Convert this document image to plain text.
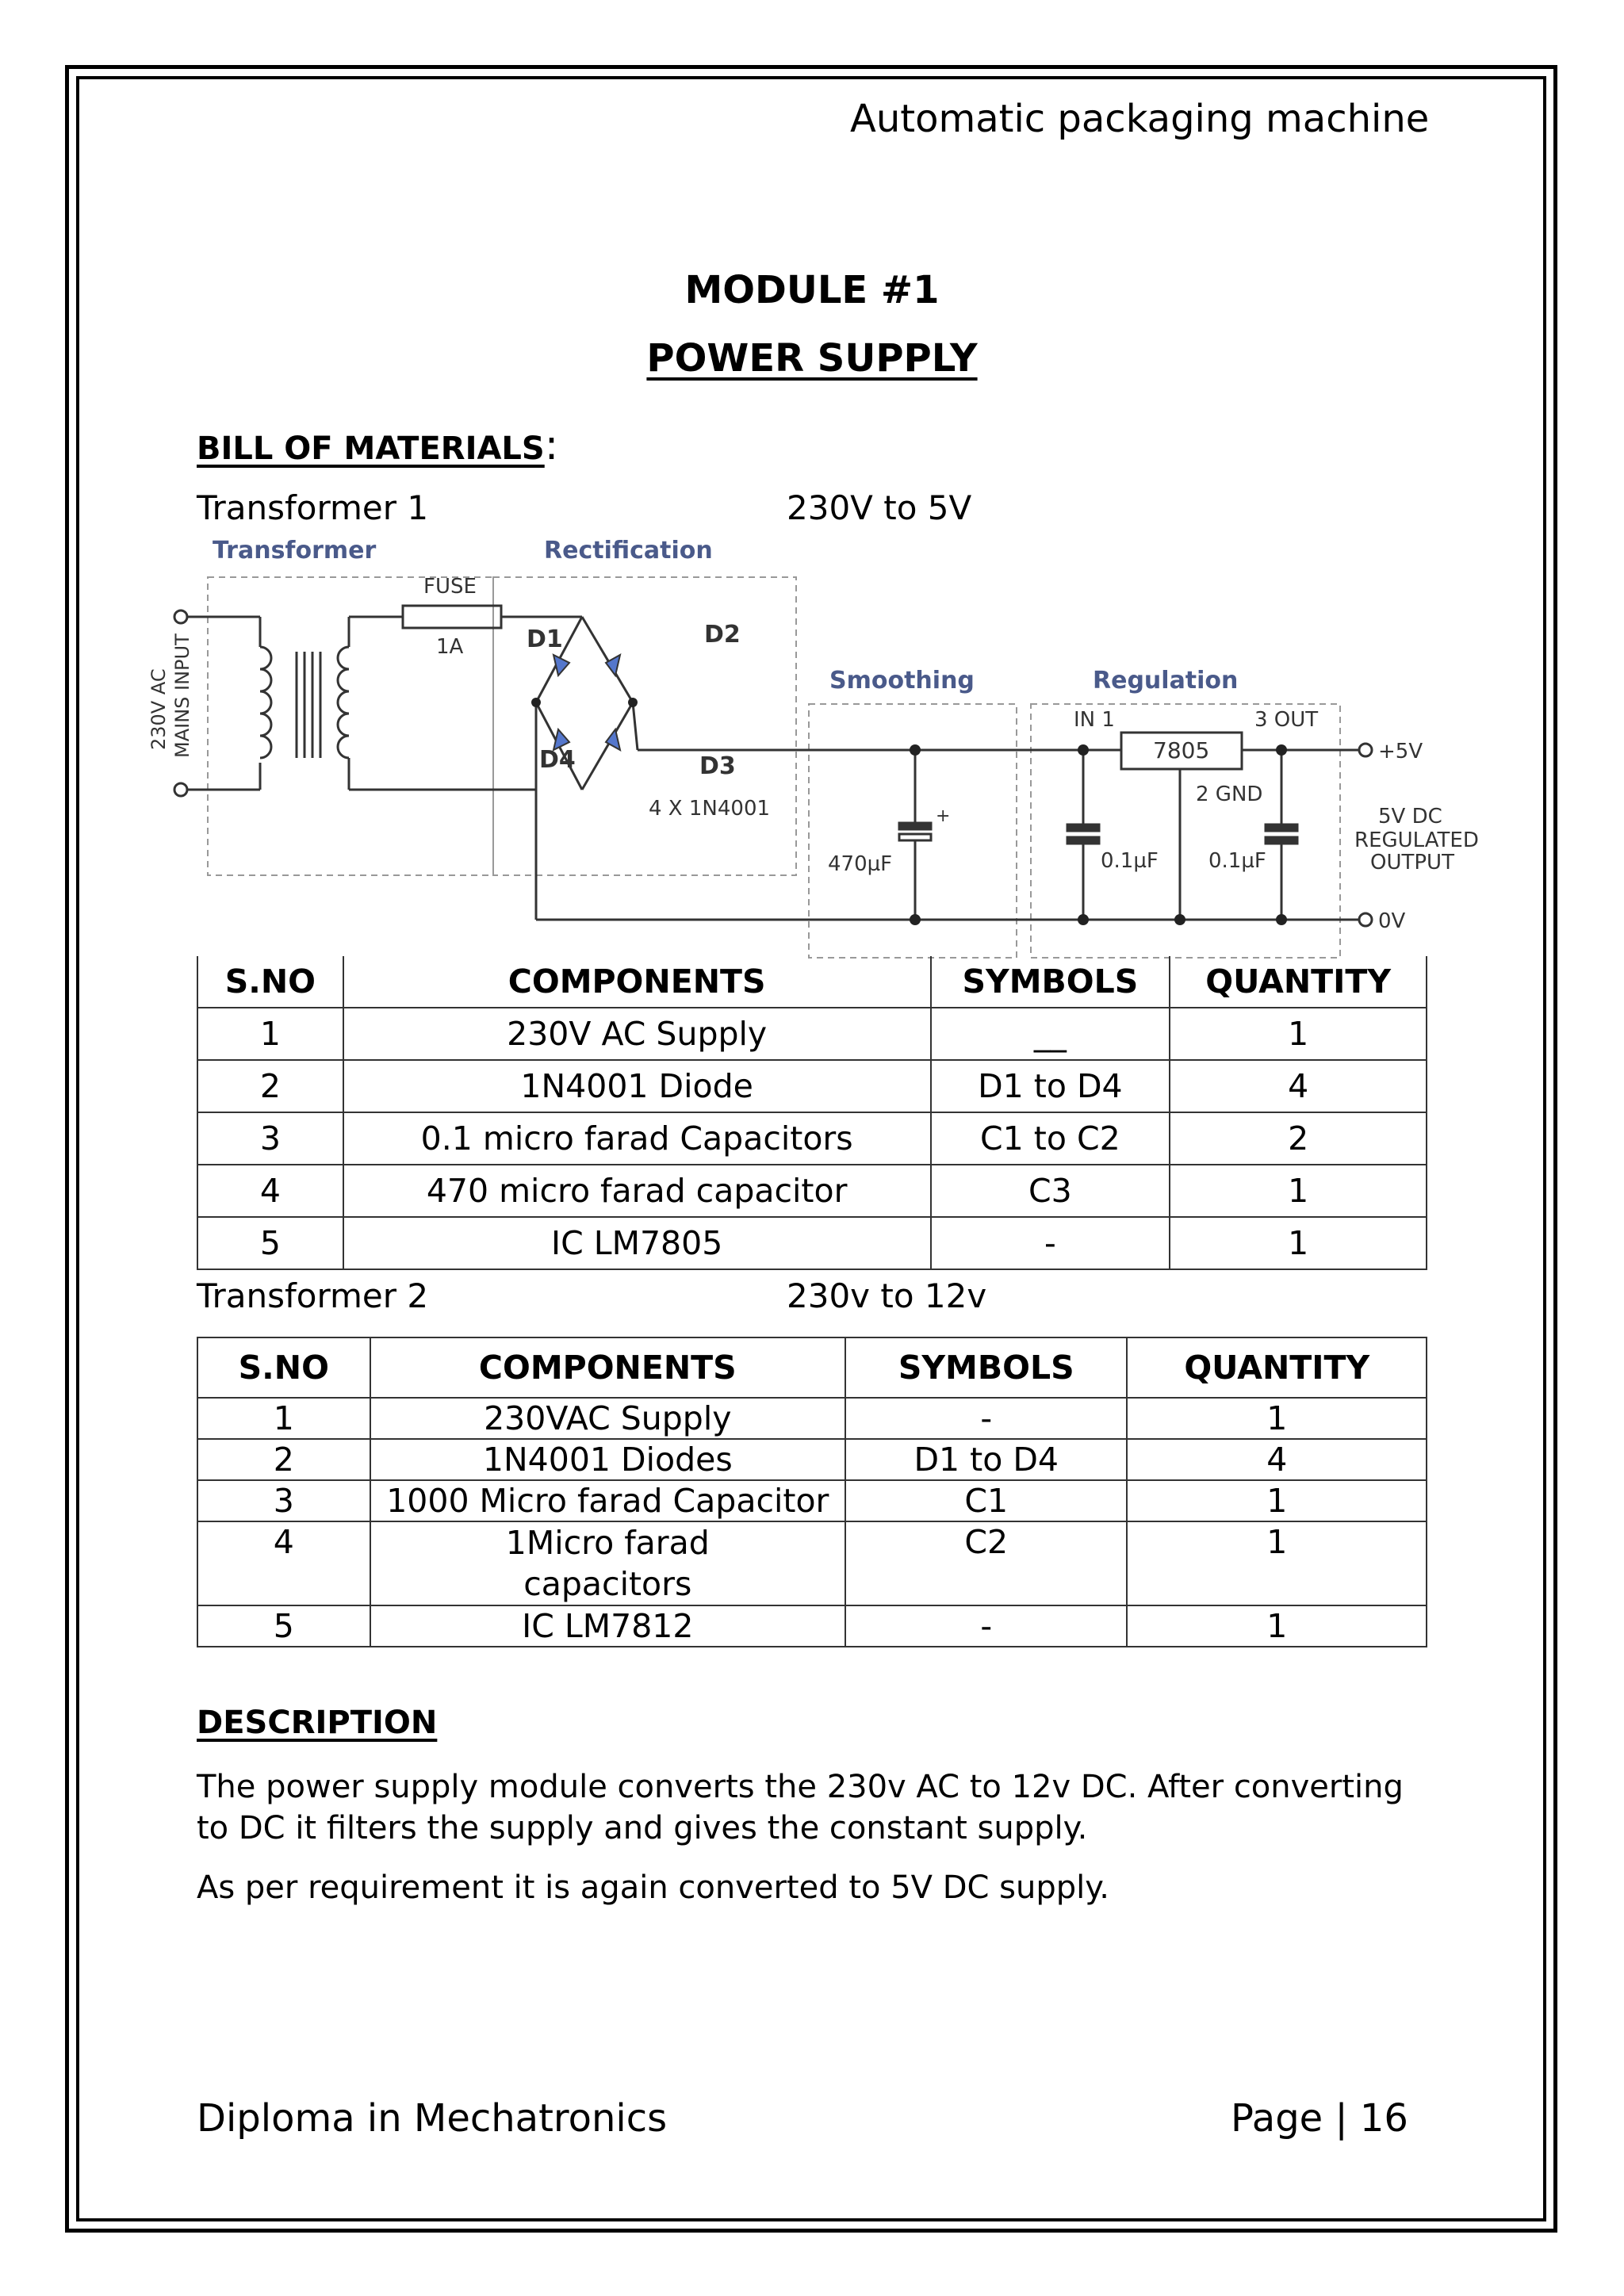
Automatic packaging machine
MODULE #1
POWER SUPPLY
BILL OF MATERIALS:
Transformer 1	230V to 5V
Transformer	Rectification
Smoothing	Regulation
230V AC MAINS INPUT
FUSE
1A	D1	D2
D3
D4
4 X 1N4001
470µF
+
0.1µF 0.1µF
7805
IN 1	3 OUT
2 GND
+5V
0V
5V DC
REGULATED
OUTPUT
S.NO	COMPONENTS	SYMBOLS	QUANTITY
1	230V AC Supply	__	1
2	1N4001 Diode	D1 to D4	4
3	0.1 micro farad Capacitors	C1 to C2	2
4	470 micro farad capacitor	C3	1
5	IC LM7805	-	1
Transformer 2	230v to 12v
S.NO	COMPONENTS	SYMBOLS	QUANTITY
1	230VAC Supply	-	1
2	1N4001 Diodes	D1 to D4	4
3	1000 Micro farad Capacitor	C1	1
4	1Micro farad capacitors	C2	1
5	IC LM7812	-	1
DESCRIPTION
The power supply module converts the 230v AC to 12v DC. After converting to DC it filters the supply and gives the constant supply.
As per requirement it is again converted to 5V DC supply.
Diploma in Mechatronics	Page | 16
